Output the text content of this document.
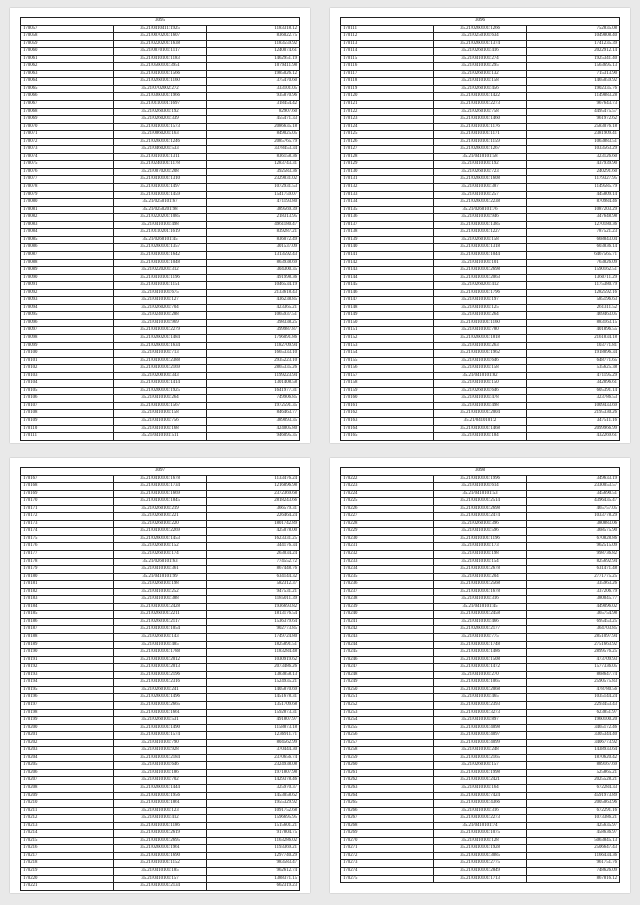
3095		
170057	35.21/0410411:1925	1183318.12
170058	35.21/0070201:1607	836022.75
170059	35.21/0220201:1638	1183559.92
170060	35.21/0070101:1117	1240074.61
170061	35.21/0410101:1183	1462951.19
170062	35.21/0560101:3951	1079411.98
170063	35.21/0410101:1566	1985026.12
170064	35.21/0260101:1160	375470.60
170065	35.21/0702002:272	333101.05
170066	35.21/0360301:1966	935870.96
170067	35.21/0110101:1697	318454.42
170068	35.21/0260301:192	82907.60
170069	35.21/0260201:339	455471.33
170070	35.21/0410101:1573	2086635.18
170071	35.21/0060201:163	849025.05
170072	35.21/0260101:1246	2085765.79
170073	35.21/0460201:533	3378453.34
170074	35.21/0410101:1311	836158.36
170075	35.21/0240101:1178	1283743.31
170076	35.21/0070201:208	392583.36
170077	35.21/0410101:1310	2329031.02
170078	35.21/0410101:1497	1072931.53
170079	35.21/0410101:1459	1541759.07
170080	35.21/0250101:67	471193.80
170081	35.21/0250201:98	389569.39
170082	35.21/0220201:1085	218313.95
170083	35.21/0410101:498	4961180.47
170084	35.21/0110201:1619	839287.21
170085	35.21/0260101:45	836072.49
170086	35.21/0260101:1357	301537.09
170087	35.21/0410101:1642	1313592.43
170088	35.21/0410101:1048	863938.69
170089	35.21/0220201:312	304300.35
170090	35.21/0410101:1196	491998.36
170091	35.21/0410101:1151	1046534.19
170092	35.21/0410101:675	2133618.43
170093	35.21/0410101:127	436238.85
170094	35.21/0260201:704	423365.21
170095	35.21/0240101:288	1065937.51
170096	35.21/0410101:969	398338.25
170097	35.21/0410101:2279	399987.87
170098	35.21/0260201:1484	1796091.86
170099	35.21/0260101:1634	1182709.94
170100	35.21/0410101:713	1665333.10
170101	35.21/0410101:2388	2935223.10
170102	35.21/0410101:2169	2865335.26
170103	35.21/0200101:343	1199223.94
170104	35.21/0410101:1414	1301408.58
170105	35.21/0200101:1925	1641977.31
170106	35.21/0410101:264	749906.85
170107	35.21/0410101:1567	1972591.35
170108	35.21/0410101:158	846463.77
170109	35.21/0410101:756	389093.35
170110	35.21/0410101:168	424005.80
170111	35.21/0410101:511	946095.35
3096		
170111	35.21/0260101:1266	752835.08
170112	35.21/0250101:634	1049808.40
170113	35.21/0260101:1374	1741235.39
170114	35.21/0260101:416	2022912.14
170115	35.21/0410101:274	1925341.40
170116	35.21/0410101:295	1563695.13
170117	35.21/0260101:132	715313.90
170118	35.21/0410101:158	1465059.92
170119	35.21/0260101:456	1902335.76
170120	35.21/0410101:1422	1149883.28
170121	35.21/0410101:2273	967643.73
170122	35.21/0260101:758	4495475.57
170123	35.21/0410101:1460	961972.62
170124	35.21/0410101:1176	2583076.18
170125	35.21/0410101:1171	2381909.41
170126	35.21/0410101:1159	1063883.51
170127	35.21/0260101:1267	1033563.29
170128	35.21/0410101:58	323126.60
170129	35.21/0410101:192	437939.90
170130	35.21/0260101:723	240291.60
170131	35.21/0260101:1608	1179327.95
170132	35.21/0410101:387	1149585.79
170133	35.21/0410101:257	445809.14
170134	35.21/0260101:2238	870984.46
170135	35.21/0260101:76	1087203.29
170136	35.21/0410101:946	347648.98
170137	35.21/0410101:1385	1270180.36
170138	35.21/0410101:1227	787521.23
170139	35.21/0260101:158	668843.04
170140	35.21/0410101:1318	603836.14
170141	35.21/0410101:1044	6467565.71
170142	35.21/0410101:101	763826.09
170143	35.21/0410101:2698	1590162.51
170144	35.21/0410101:2063	1360711.29
170145	35.21/0260201:412	1175380.79
170146	35.21/0410101:1796	1282592.16
170147	35.21/0410101:197	585196.63
170148	35.21/0410101:125	261311.52
170149	35.21/0410101:264	469463.05
170150	35.21/0410101:1160	883163.15
170151	35.21/0410101:780	401896.55
170152	35.21/0260101:1818	2161834.18
170153	35.21/0410101:263	103771.81
170154	35.21/0410101:1962	1918896.34
170155	35.21/0410101:646	648771.65
170156	35.21/0410101:158	535625.38
170157	35.21/0410101:82	471195.29
170158	35.21/0410101:150	342896.61
170159	35.21/0260101:646	605391.14
170160	35.21/0410101:478	323786.53
170161	35.21/0410101:498	1009433.69
170162	35.21/0410101:2004	2195330.26
170163	35.21/0410101:2	347511.16
170164	35.21/0410101:1468	2099966.99
170165	35.21/0410101:184	432269.61
3097		
170167	35.21/0410101:1678	1133476.24
170168	35.21/0410101:1734	1216896.98
170169	35.21/0410101:1669	2372369.68
170170	35.21/0410101:1845	2818243.66
170171	35.21/0260101:219	366579.31
170172	35.21/0260101:221	226464.24
170173	35.21/0260101:220	1801742.89
170174	35.21/0410101:2269	425078.00
170175	35.21/0260101:1453	1623331.25
170176	35.21/0260101:152	344176.34
170177	35.21/0260101:174	263034.24
170178	35.21/0260101:63	774552.72
170179	35.21/0410101:361	867448.76
170180	35.21/0410101:99	634144.32
170181	35.21/0260101:198	582312.37
170182	35.21/0410101:252	947531.21
170183	35.21/0410101:388	1185011.39
170184	35.21/0410101:2428	1936693.82
170185	35.21/0260101:2211	1813176.54
170186	35.21/0260101:2117	1536379.64
170187	35.21/0410101:1054	902773.85
170188	35.21/0260101:143	1749724.80
170189	35.21/0410101:485	1825891.51
170190	35.21/0410101:1788	1183284.48
170191	35.21/0410101:2012	1030919.62
170192	35.21/0410101:2013	2073486.26
170193	35.21/0410101:2196	1383858.13
170194	35.21/0410101:2316	1524935.21
170195	35.21/0260101:241	1405870.69
170196	35.21/0260101:1496	1451678.31
170197	35.21/0410101:2665	1351709.68
170198	35.21/0410101:1661	1592873.31
170199	35.21/0260101:531	491807.97
170200	35.21/0410101:1490	1158873.18
170201	35.21/0410101:1574	1236911.71
170202	35.21/0410101:790	804562.99
170203	35.21/0410101:928	370444.30
170204	35.21/0410101:2184	2370656.74
170205	35.21/0410101:646	2324938.08
170206	35.21/0410101:186	1971807.98
170207	35.21/0410101:702	1429378.46
170208	35.21/0260101:1444	325970.37
170209	35.21/0410101:1956	1453058.62
170210	35.21/0410101:1861	1955329.92
170211	35.21/0410101:123	1091752.68
170212	35.21/0410101:412	1596695.95
170213	35.21/0410101:1186	1515601.21
170214	35.21/0410101:2619	917804.75
170215	35.21/0410101:2695	1163286.02
170216	35.21/0260101:1961	1193369.21
170217	35.21/0410101:1690	1297740.29
170218	35.21/0410101:1152	983583.47
170219	35.21/0410101:185	962612.74
170220	35.21/0410101:157	1388371.15
170221	35.21/0410101:2134	662319.23
3098		
170222	35.21/0410101:1996	349633.19
170223	35.21/0410101:614	2330053.57
170224	35.21/0410101:53	345690.51
170225	35.21/0410101:2514	4396435.47
170226	35.21/0410101:2698	465757.05
170227	35.21/0410101:2474	1033778.29
170228	35.21/0260101:396	380883.06
170229	35.21/0410101:596	368575.90
170230	35.21/0410101:1196	670828.86
170231	35.21/0410101:173	962515.09
170232	35.21/0410101:198	998736.82
170233	35.21/0410101:154	825692.94
170234	35.21/0410101:2678	631471.48
170235	35.21/0410101:204	2771775.25
170236	35.21/0410101:2568	335963.26
170237	35.21/0410101:1678	337206.79
170238	35.21/0410101:316	380045.77
170239	35.21/0410101:45	449096.02
170240	35.21/0410101:2458	365754.98
170241	35.21/0410101:466	695453.25
170242	35.21/0260101:2177	364703.85
170243	35.21/0410101:775	2851097.94
170244	35.21/0410101:1748	2751663.92
170245	35.21/0410101:1486	2899576.25
170246	35.21/0410101:1508	473709.93
170247	35.21/0410101:1472	1577336.05
170248	35.21/0410101:270	868647.74
170249	35.21/0410101:1065	2590575.83
170250	35.21/0410101:2068	478780.56
170251	35.21/0410101:465	1035144.24
170252	35.21/0410101:2393	2293453.43
170253	35.21/0410101:3273	623851.97
170254	35.21/0410101:897	1960100.20
170255	35.21/0410101:4098	3465172.46
170256	35.21/0410101:4097	3305344.40
170257	35.21/0410101:4099	3406773.92
170258	35.21/0410101:248	1438933.64
170259	35.21/0410101:2165	1870620.42
170260	35.21/0260101:157	889167.69
170261	35.21/0410101:1998	525865.21
170262	35.21/0410101:2421	2025528.21
170263	35.21/0410101:164	672284.33
170264	35.21/0410101:7424	4591973.89
170265	35.21/0410101:4366	2005063.96
170266	35.21/0410101:316	672291.16
170267	35.21/0410101:2273	1073386.21
170268	35.21/0410101:74	425635.97
170269	35.21/0410101:1075	458636.97
170270	35.21/0410101:128	5063845.13
170271	35.21/0410101:1928	2506647.43
170272	35.21/0410101:3085	1166434.36
170273	35.21/0410101:2775	961751.76
170274	35.21/0410101:2849	748626.09
170275	35.21/0410101:1713	867816.12
